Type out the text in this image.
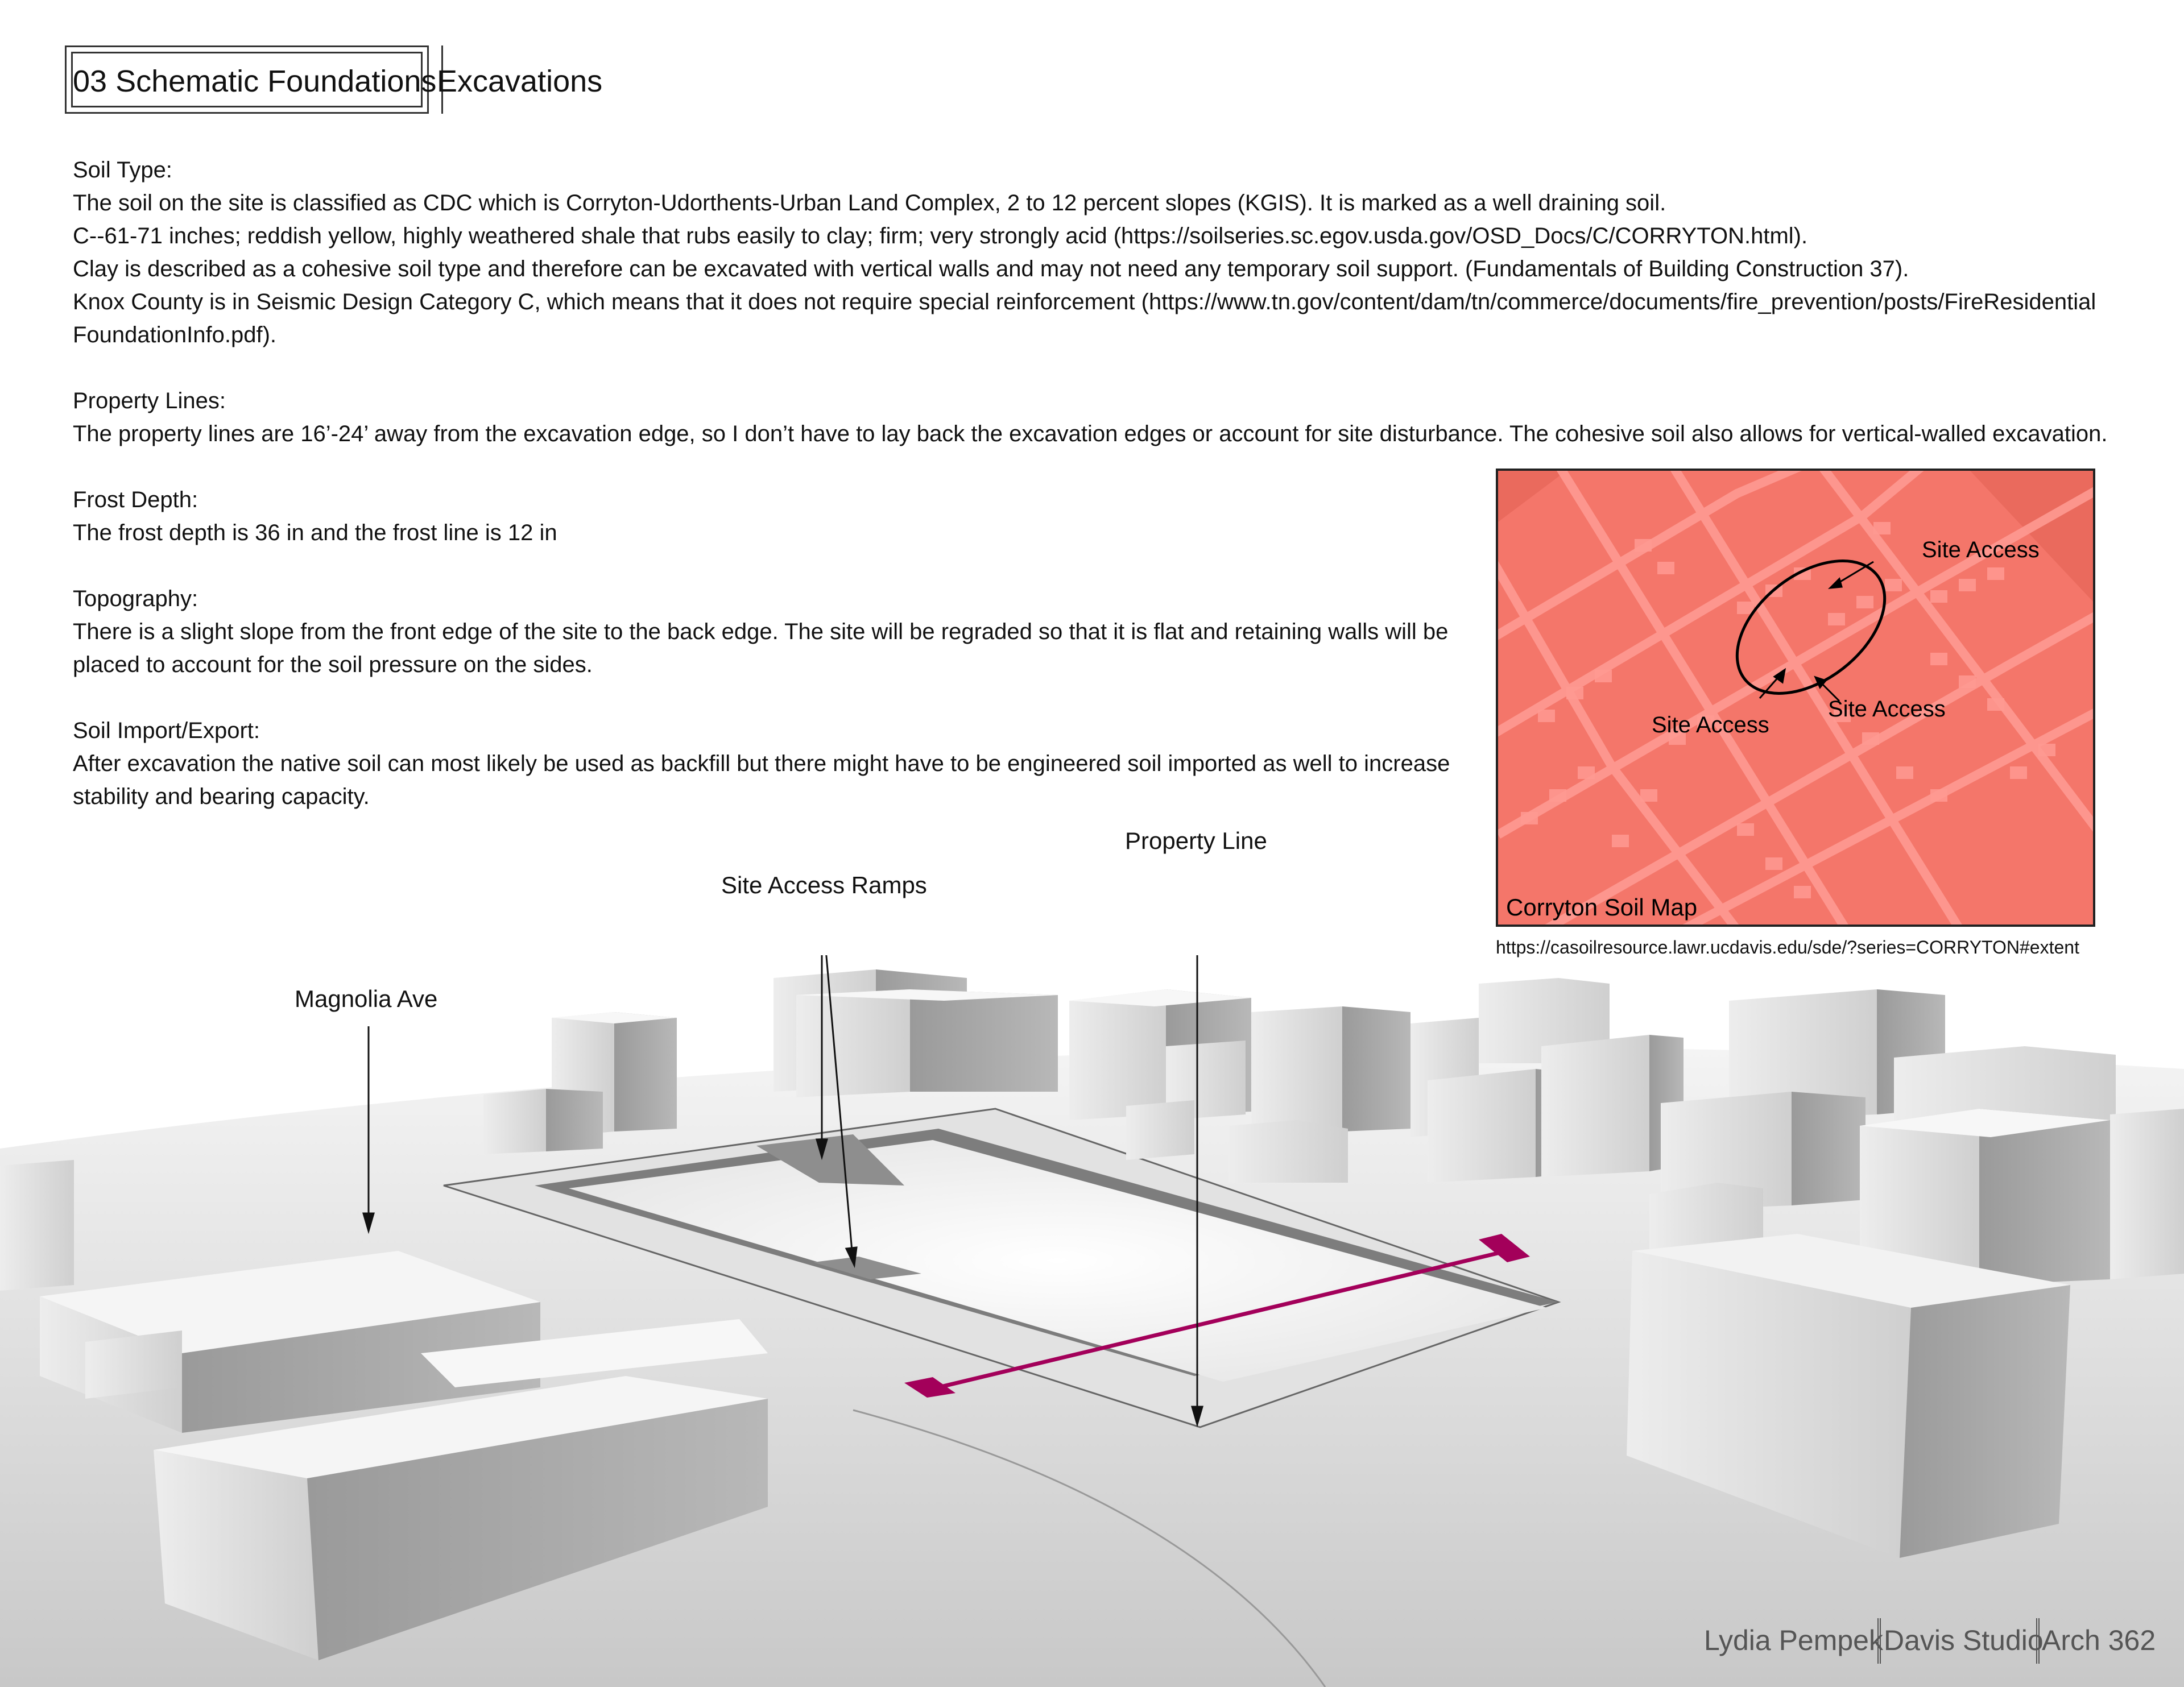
03 Schematic Foundations Excavations
Soil Type:
The soil on the site is classified as CDC which is Corryton-Udorthents-Urban Land Complex, 2 to 12 percent slopes (KGIS). It is marked as a well draining soil.
C--61-71 inches; reddish yellow, highly weathered shale that rubs easily to clay; firm; very strongly acid (https://soilseries.sc.egov.usda.gov/OSD_Docs/C/CORRYTON.html).
Clay is described as a cohesive soil type and therefore can be excavated with vertical walls and may not need any temporary soil support. (Fundamentals of Building Construction 37).
Knox County is in Seismic Design Category C, which means that it does not require special reinforcement (https://www.tn.gov/content/dam/tn/commerce/documents/fire_prevention/posts/FireResidential
FoundationInfo.pdf).
Property Lines:
The property lines are 16’-24’ away from the excavation edge, so I don’t have to lay back the excavation edges or account for site disturbance. The cohesive soil also allows for vertical-walled excavation.
Frost Depth:
The frost depth is 36 in and the frost line is 12 in
Topography:
There is a slight slope from the front edge of the site to the back edge. The site will be regraded so that it is flat and retaining walls will be
placed to account for the soil pressure on the sides.
Soil Import/Export:
After excavation the native soil can most likely be used as backfill but there might have to be engineered soil imported as well to increase
stability and bearing capacity.
Site Access
Site Access
Site Access
Corryton Soil Map
https://casoilresource.lawr.ucdavis.edu/sde/?series=CORRYTON#extent
Property Line
Site Access Ramps
Magnolia Ave
Lydia Pempek Davis Studio
Arch 362
